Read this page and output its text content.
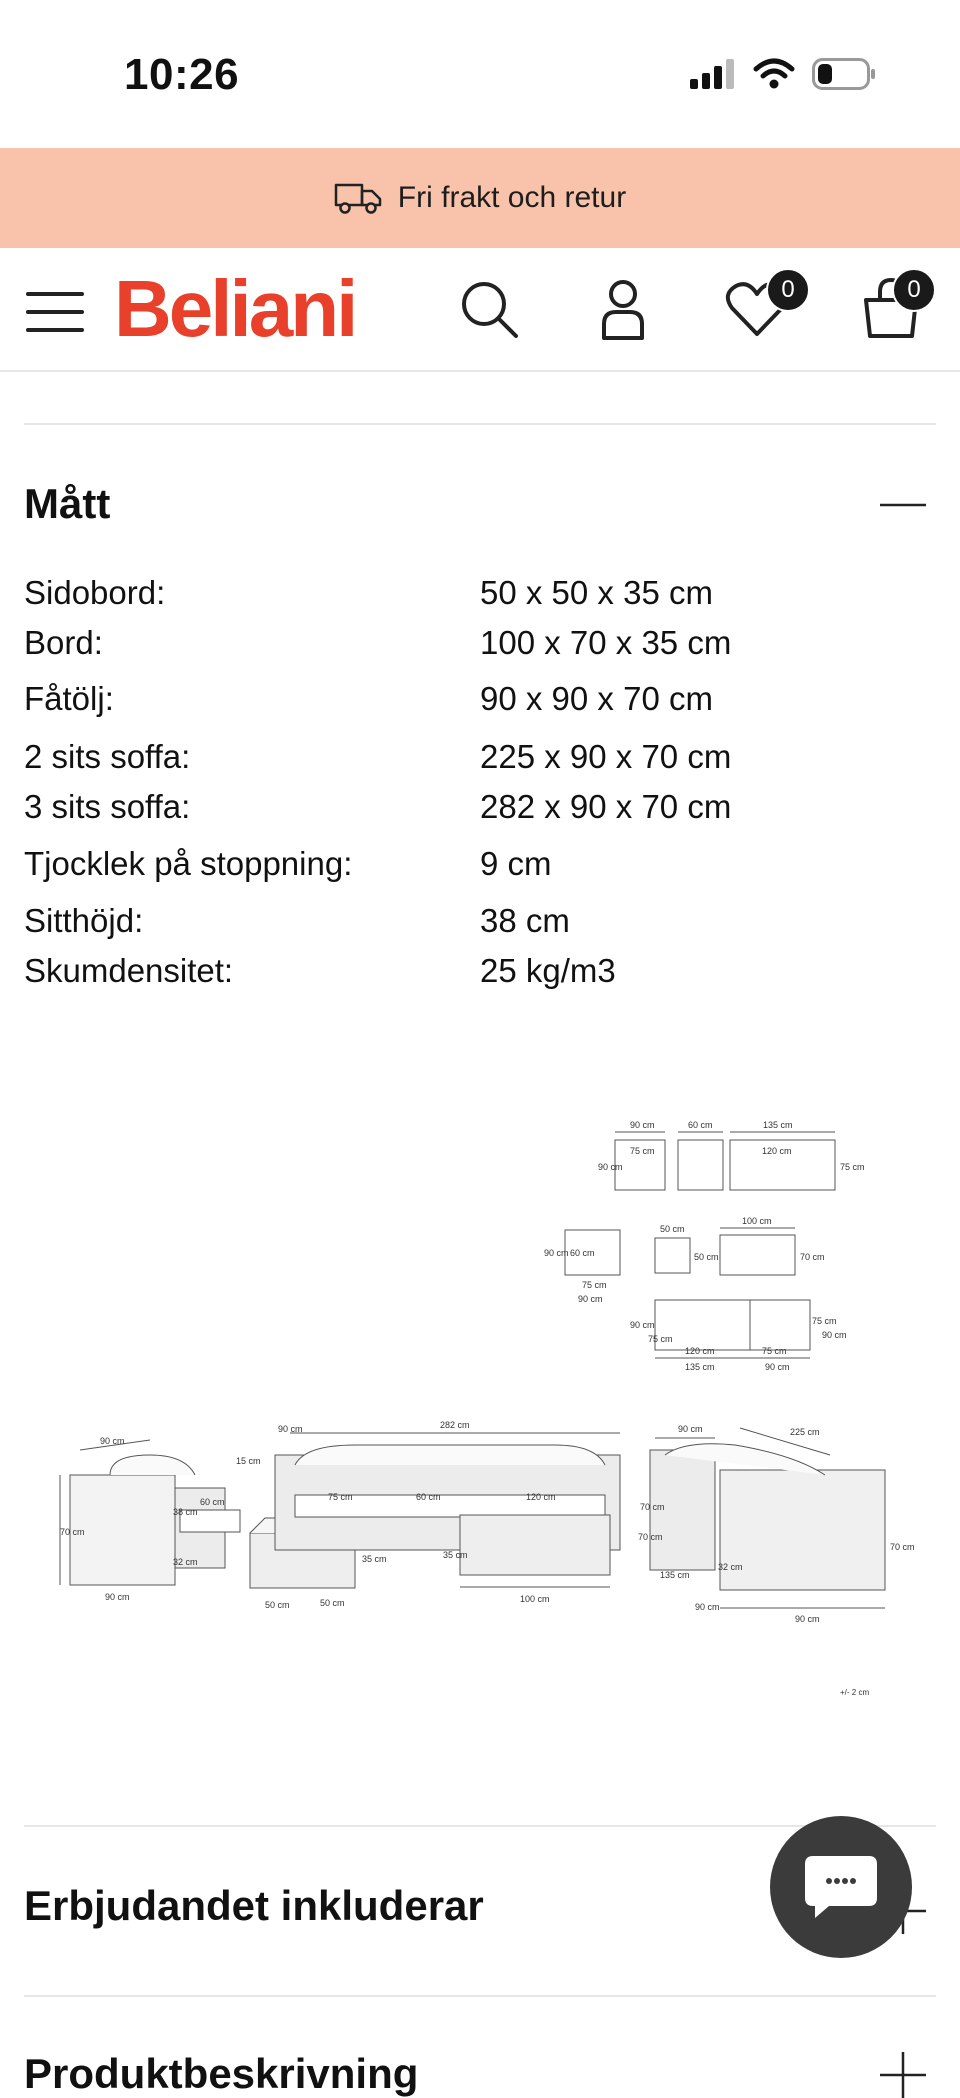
10:26
Fri frakt och retur
Beliani	0	0
Mått
Sidobord:	50 x 50 x 35 cm
Bord:	100 x 70 x 35 cm
Fåtölj:	90 x 90 x 70 cm
2 sits soffa:	225 x 90 x 70 cm
3 sits soffa:	282 x 90 x 70 cm
Tjocklek på stoppning:	9 cm
Sitthöjd:	38 cm
Skumdensitet:	25 kg/m3
90 cm	60 cm	135 cm
75 cm	120 cm
90 cm	75 cm
50 cm
100 cm
90 cm 60 cm
75 cm
90 cm
50 cm	70 cm
90 cm
75 cm
120 cm
135 cm
75 cm
90 cm
75 cm
90 cm
282 cm
90 cm
90 cm
15 cm
75 cm	60 cm	120 cm
70 cm
38 cm
60 cm
32 cm
90 cm
50 cm	50 cm
35 cm	35 cm
100 cm
70 cm
90 cm	225 cm
70 cm
135 cm
90 cm
90 cm
32 cm
70 cm
+/- 2 cm
Erbjudandet inkluderar
Produktbeskrivning
